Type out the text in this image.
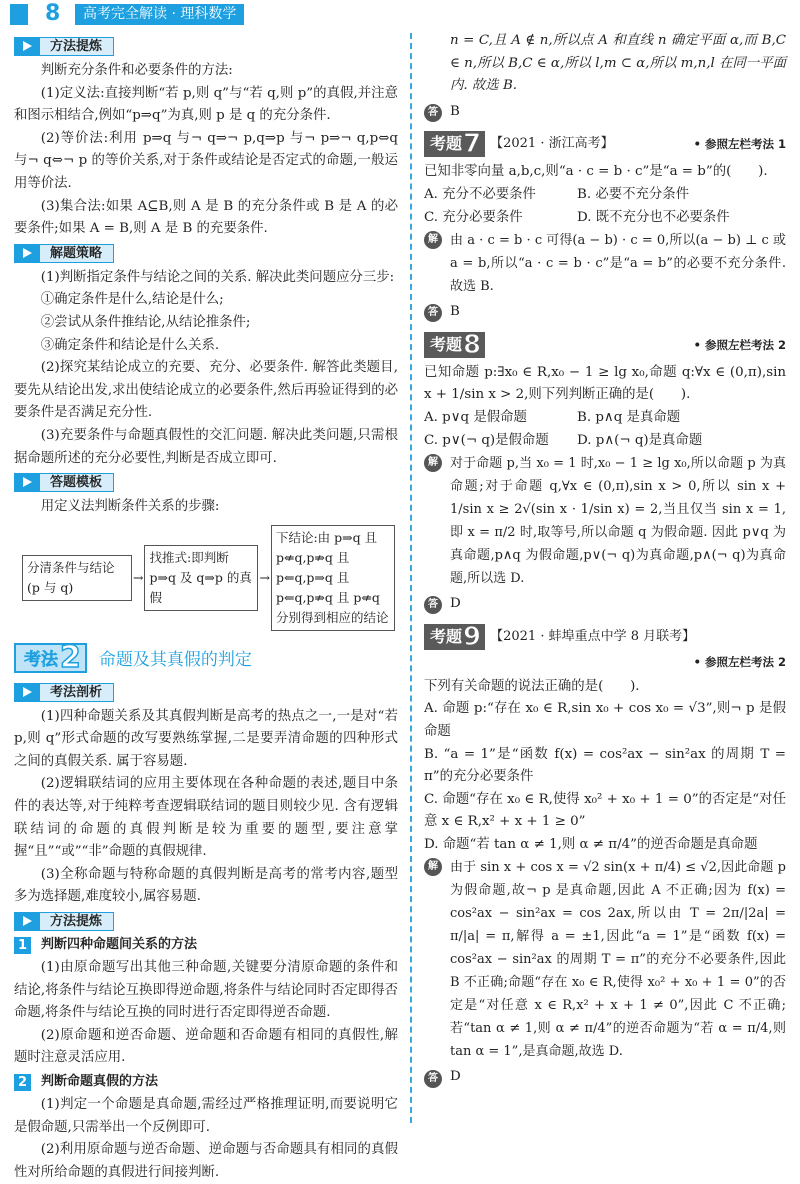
8	高考完全解读 · 理科数学
方法提炼
判断充分条件和必要条件的方法:
(1)定义法:直接判断“若 p,则 q”与“若 q,则 p”的真假,并注意和图示相结合,例如“p⇒q”为真,则 p 是 q 的充分条件.
(2)等价法:利用 p⇒q 与¬ q⇒¬ p,q⇒p 与¬ p⇒¬ q,p⇔q 与¬ q⇔¬ p 的等价关系,对于条件或结论是否定式的命题,一般运用等价法.
(3)集合法:如果 A⊆B,则 A 是 B 的充分条件或 B 是 A 的必要条件;如果 A = B,则 A 是 B 的充要条件.
解题策略
(1)判断指定条件与结论之间的关系. 解决此类问题应分三步:
①确定条件是什么,结论是什么;
②尝试从条件推结论,从结论推条件;
③确定条件和结论是什么关系.
(2)探究某结论成立的充要、充分、必要条件. 解答此类题目,要先从结论出发,求出使结论成立的必要条件,然后再验证得到的必要条件是否满足充分性.
(3)充要条件与命题真假性的交汇问题. 解决此类问题,只需根据命题所述的充分必要性,判断是否成立即可.
答题模板
用定义法判断条件关系的步骤:
分清条件与结论(p 与 q)
→
找推式:即判断 p⇒q 及 q⇒p 的真假
→
下结论:由 p⇒q 且 p⇍q,p⇏q 且 p⇐q,p⇒q 且 p⇐q,p⇏q 且 p⇍q 分别得到相应的结论
考法 2 命题及其真假的判定
考法剖析
(1)四种命题关系及其真假判断是高考的热点之一,一是对“若 p,则 q”形式命题的改写要熟练掌握,二是要弄清命题的四种形式之间的真假关系. 属于容易题.
(2)逻辑联结词的应用主要体现在各种命题的表述,题目中条件的表达等,对于纯粹考查逻辑联结词的题目则较少见. 含有逻辑联结词的命题的真假判断是较为重要的题型,要注意掌握“且”“或”“非”命题的真假规律.
(3)全称命题与特称命题的真假判断是高考的常考内容,题型多为选择题,难度较小,属容易题.
方法提炼
1	判断四种命题间关系的方法
(1)由原命题写出其他三种命题,关键要分清原命题的条件和结论,将条件与结论互换即得逆命题,将条件与结论同时否定即得否命题,将条件与结论互换的同时进行否定即得逆否命题.
(2)原命题和逆否命题、逆命题和否命题有相同的真假性,解题时注意灵活应用.
2	判断命题真假的方法
(1)判定一个命题是真命题,需经过严格推理证明,而要说明它是假命题,只需举出一个反例即可.
(2)利用原命题与逆否命题、逆命题与否命题具有相同的真假性对所给命题的真假进行间接判断.
n = C,且 A ∉ n,所以点 A 和直线 n 确定平面 α,而 B,C ∈ n,所以 B,C ∈ α,所以 l,m ⊂ α,所以 m,n,l 在同一平面内. 故选 B.
答 B
考题 7 【2021 · 浙江高考】	• 参照左栏考法 1
已知非零向量 a,b,c,则“a · c = b · c”是“a = b”的(　　).
A. 充分不必要条件	B. 必要不充分条件
C. 充分必要条件	D. 既不充分也不必要条件
解 由 a · c = b · c 可得(a − b) · c = 0,所以(a − b) ⊥ c 或 a = b,所以“a · c = b · c”是“a = b”的必要不充分条件. 故选 B.
答 B
考题 8	• 参照左栏考法 2
已知命题 p:∃x₀ ∈ R,x₀ − 1 ≥ lg x₀,命题 q:∀x ∈ (0,π),sin x + 1/sin x > 2,则下列判断正确的是(　　).
A. p∨q 是假命题	B. p∧q 是真命题
C. p∨(¬ q)是假命题	D. p∧(¬ q)是真命题
解 对于命题 p,当 x₀ = 1 时,x₀ − 1 ≥ lg x₀,所以命题 p 为真命题;对于命题 q,∀x ∈ (0,π),sin x > 0,所以 sin x + 1/sin x ≥ 2√(sin x · 1/sin x) = 2,当且仅当 sin x = 1,即 x = π/2 时,取等号,所以命题 q 为假命题. 因此 p∨q 为真命题,p∧q 为假命题,p∨(¬ q)为真命题,p∧(¬ q)为真命题,所以选 D.
答 D
考题 9 【2021 · 蚌埠重点中学 8 月联考】
• 参照左栏考法 2
下列有关命题的说法正确的是(　　).
A. 命题 p:“存在 x₀ ∈ R,sin x₀ + cos x₀ = √3”,则¬ p 是假命题
B. “a = 1”是“函数 f(x) = cos²ax − sin²ax 的周期 T = π”的充分必要条件
C. 命题“存在 x₀ ∈ R,使得 x₀² + x₀ + 1 = 0”的否定是“对任意 x ∈ R,x² + x + 1 ≥ 0”
D. 命题“若 tan α ≠ 1,则 α ≠ π/4”的逆否命题是真命题
解 由于 sin x + cos x = √2 sin(x + π/4) ≤ √2,因此命题 p 为假命题,故¬ p 是真命题,因此 A 不正确;因为 f(x) = cos²ax − sin²ax = cos 2ax,所以由 T = 2π/|2a| = π/|a| = π,解得 a = ±1,因此“a = 1”是“函数 f(x) = cos²ax − sin²ax 的周期 T = π”的充分不必要条件,因此 B 不正确;命题“存在 x₀ ∈ R,使得 x₀² + x₀ + 1 = 0”的否定是“对任意 x ∈ R,x² + x + 1 ≠ 0”,因此 C 不正确;若“tan α ≠ 1,则 α ≠ π/4”的逆否命题为“若 α = π/4,则 tan α = 1”,是真命题,故选 D.
答 D
